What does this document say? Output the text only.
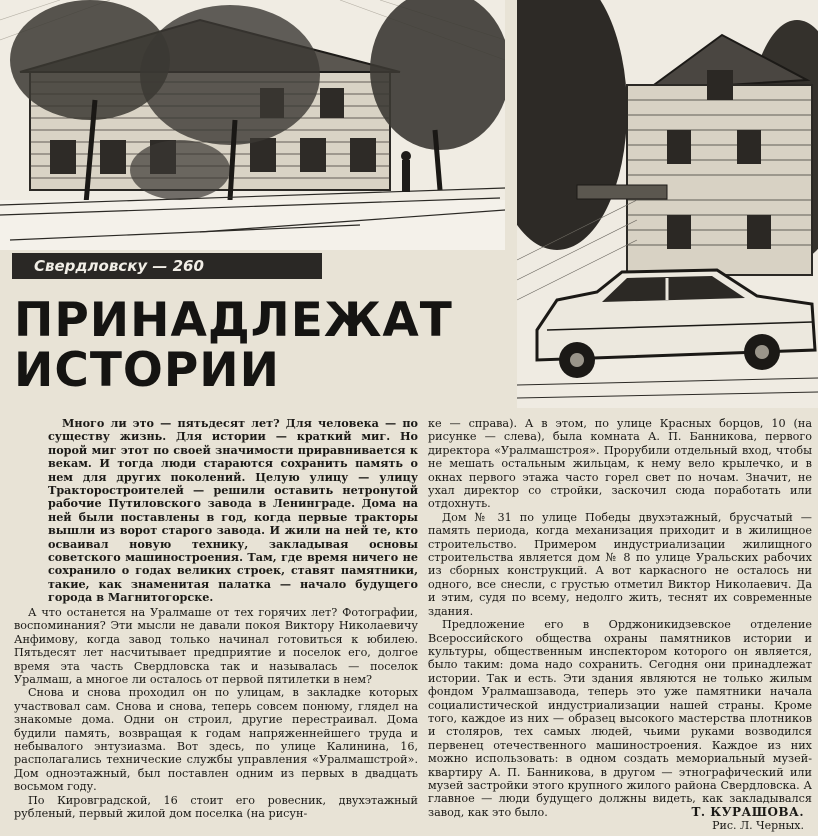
Свердловску — 260
ПРИНАДЛЕЖАТ
ИСТОРИИ

Много ли это — пятьдесят лет? Для человека — по существу жизнь. Для истории — краткий миг. Но порой миг этот по своей значимости приравнивается к векам. И тогда люди стараются сохранить память о нем для других поколений. Целую улицу — улицу Тракторостроителей — решили оставить нетронутой рабочие Путиловского завода в Ленинграде. Дома на ней были поставлены в год, когда первые тракторы вышли из ворот старого завода. И жили на ней те, кто осваивал новую технику, закладывая основы советского машиностроения. Там, где время ничего не сохранило о годах великих строек, ставят памятники, такие, как знаменитая палатка — начало будущего города в Магнитогорске.

А что останется на Уралмаше от тех горячих лет? Фотографии, воспоминания? Эти мысли не давали покоя Виктору Николаевичу Анфимову, когда завод только начинал готовиться к юбилею. Пятьдесят лет насчитывает предприятие и поселок его, долгое время эта часть Свердловска так и называлась — поселок Уралмаш, а многое ли осталось от первой пятилетки в нем?

Снова и снова проходил он по улицам, в закладке которых участвовал сам. Снова и снова, теперь совсем понюму, глядел на знакомые дома. Одни он строил, другие перестраивал. Дома будили память, возвращая к годам напряженнейшего труда и небывалого энтузиазма. Вот здесь, по улице Калинина, 16, располагались технические службы управления «Уралмашстрой». Дом одноэтажный, был поставлен одним из первых в двадцать восьмом году.

По Кировградской, 16 стоит его ровесник, двухэтажный рубленый, первый жилой дом поселка (на рисун-

ке — справа). А в этом, по улице Красных борцов, 10 (на рисунке — слева), была комната А. П. Банникова, первого директора «Уралмашстроя». Прорубили отдельный вход, чтобы не мешать остальным жильцам, к нему вело крылечко, и в окнах первого этажа часто горел свет по ночам. Значит, не ухал директор со стройки, заскочил сюда поработать или отдохнуть.

Дом № 31 по улице Победы двухэтажный, брусчатый — память периода, когда механизация приходит и в жилищное строительство. Примером индустриализации жилищного строительства является дом № 8 по улице Уральских рабочих из сборных конструкций. А вот каркасного не осталось ни одного, все снесли, с грустью отметил Виктор Николаевич. Да и этим, судя по всему, недолго жить, теснят их современные здания.

Предложение его в Орджоникидзевское отделение Всероссийского общества охраны памятников истории и культуры, общественным инспектором которого он является, было таким: дома надо сохранить. Сегодня они принадлежат истории. Так и есть. Эти здания являются не только жилым фондом Уралмашзавода, теперь это уже памятники начала социалистической индустриализации нашей страны. Кроме того, каждое из них — образец высокого мастерства плотников и столяров, тех самых людей, чьими руками возводился первенец отечественного машиностроения. Каждое из них можно использовать: в одном создать мемориальный музей-квартиру А. П. Банникова, в другом — этнографический или музей застройки этого крупного жилого района Свердловска. А главное — люди будущего должны видеть, как закладывался завод, как это было.	Т. КУРАШОВА.
Рис. Л. Черных.
